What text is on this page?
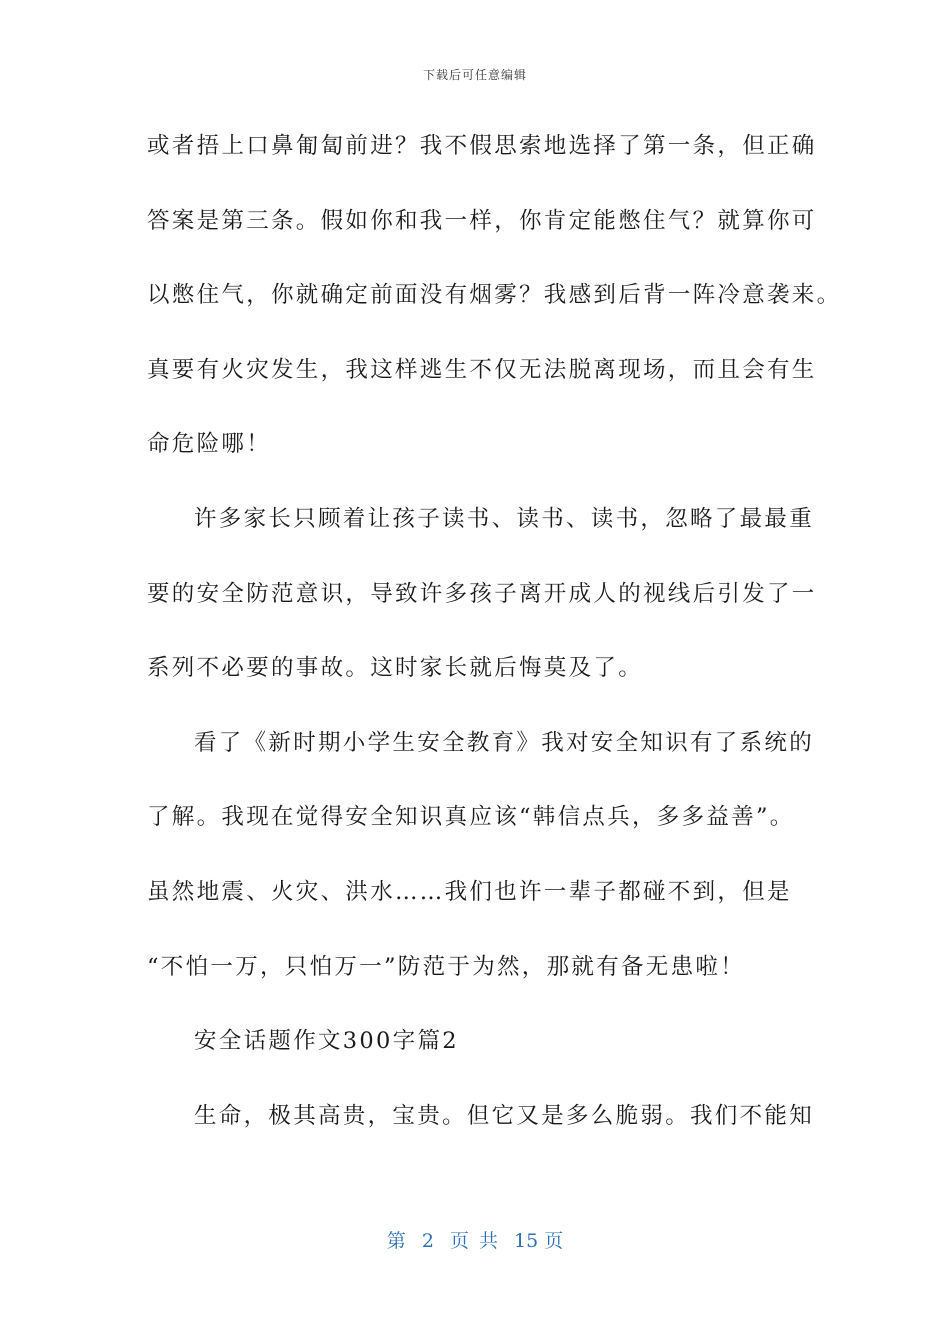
下载后可任意编辑
或者捂上口鼻匍匐前进？我不假思索地选择了第一条，但正确
答案是第三条。假如你和我一样，你肯定能憋住气？就算你可
以憋住气，你就确定前面没有烟雾？我感到后背一阵冷意袭来。
真要有火灾发生，我这样逃生不仅无法脱离现场，而且会有生
命危险哪！
许多家长只顾着让孩子读书、读书、读书，忽略了最最重
要的安全防范意识，导致许多孩子离开成人的视线后引发了一
系列不必要的事故。这时家长就后悔莫及了。
看了《新时期小学生安全教育》我对安全知识有了系统的
了解。我现在觉得安全知识真应该“韩信点兵，多多益善”。
虽然地震、火灾、洪水……我们也许一辈子都碰不到，但是
“不怕一万，只怕万一”防范于为然，那就有备无患啦！
安全话题作文300字篇2
生命，极其高贵，宝贵。但它又是多么脆弱。我们不能知
第 2 页 共 15 页
